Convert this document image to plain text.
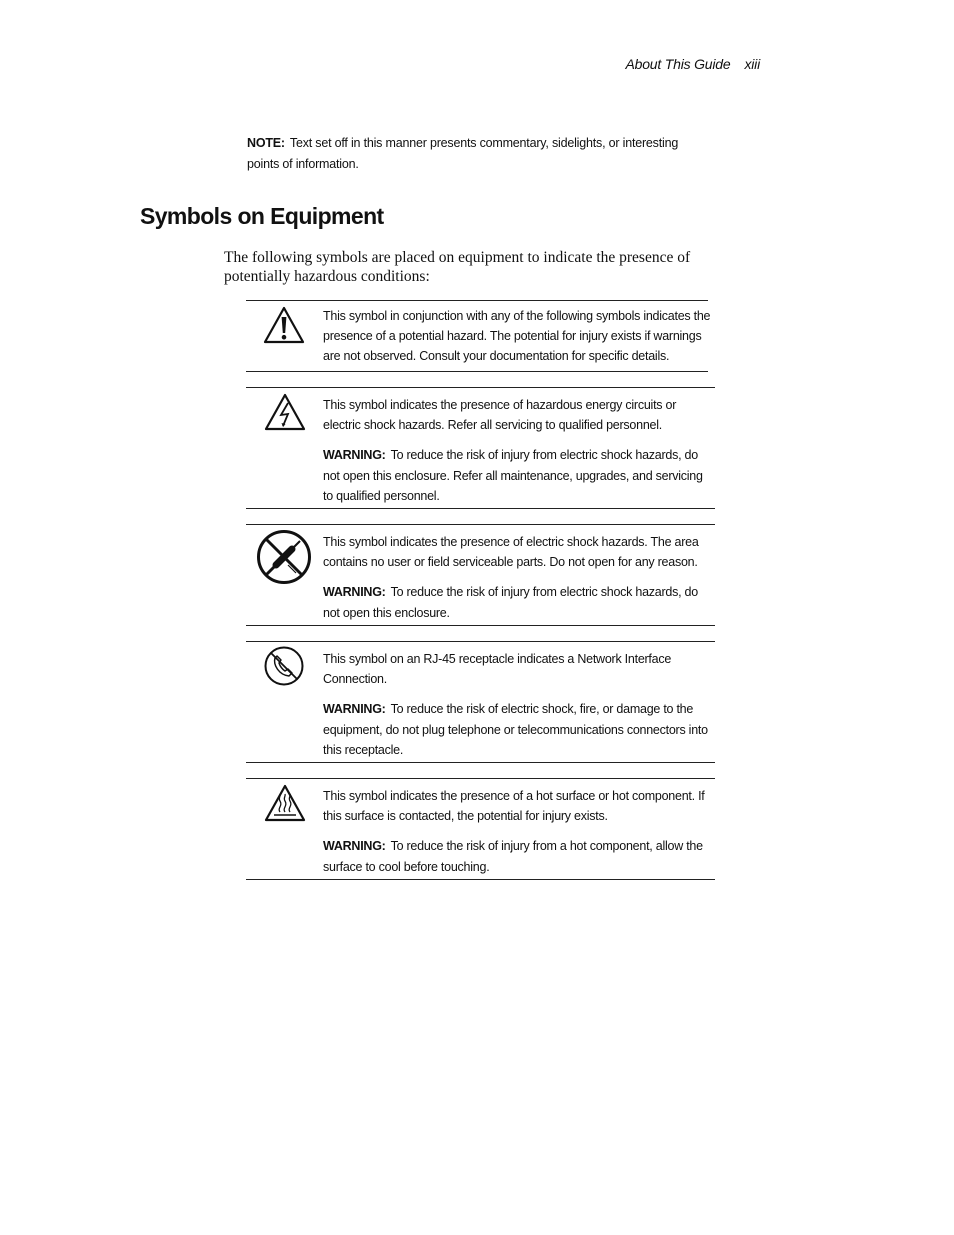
About This Guide xiii
NOTE: Text set off in this manner presents commentary, sidelights, or interesting points of information.
Symbols on Equipment
The following symbols are placed on equipment to indicate the presence of potentially hazardous conditions:

This symbol in conjunction with any of the following symbols indicates the presence of a potential hazard. The potential for injury exists if warnings are not observed. Consult your documentation for specific details.

This symbol indicates the presence of hazardous energy circuits or electric shock hazards. Refer all servicing to qualified personnel.

WARNING: To reduce the risk of injury from electric shock hazards, do not open this enclosure. Refer all maintenance, upgrades, and servicing to qualified personnel.

This symbol indicates the presence of electric shock hazards. The area contains no user or field serviceable parts. Do not open for any reason.

WARNING: To reduce the risk of injury from electric shock hazards, do not open this enclosure.

This symbol on an RJ-45 receptacle indicates a Network Interface Connection.

WARNING: To reduce the risk of electric shock, fire, or damage to the equipment, do not plug telephone or telecommunications connectors into this receptacle.

This symbol indicates the presence of a hot surface or hot component. If this surface is contacted, the potential for injury exists.

WARNING: To reduce the risk of injury from a hot component, allow the surface to cool before touching.
